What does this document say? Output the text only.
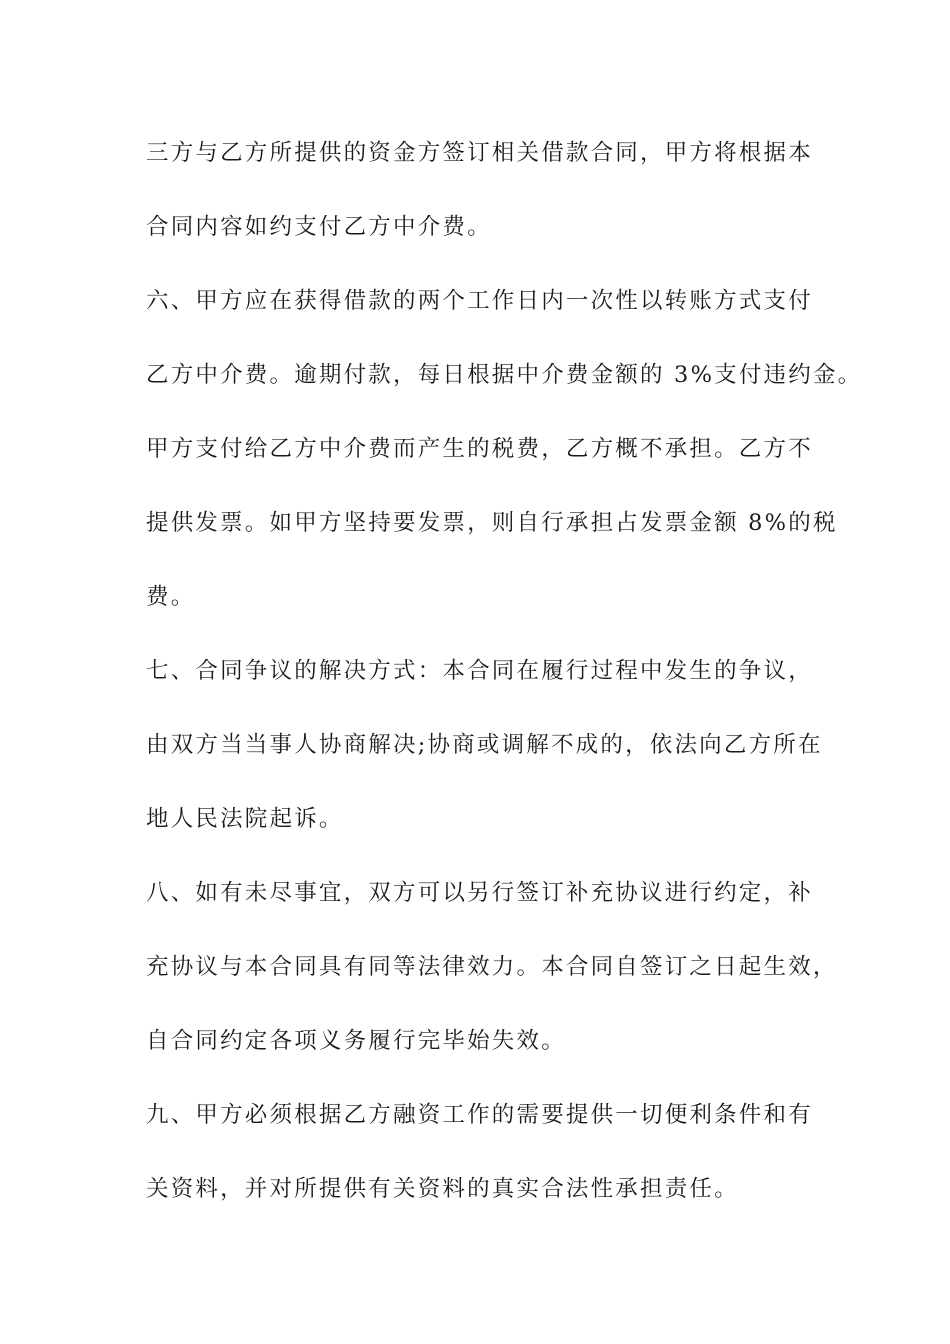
三方与乙方所提供的资金方签订相关借款合同，甲方将根据本
合同内容如约支付乙方中介费。
六、甲方应在获得借款的两个工作日内一次性以转账方式支付
乙方中介费。逾期付款，每日根据中介费金额的 3%支付违约金。
甲方支付给乙方中介费而产生的税费，乙方概不承担。乙方不
提供发票。如甲方坚持要发票，则自行承担占发票金额 8%的税
费。
七、合同争议的解决方式：本合同在履行过程中发生的争议，
由双方当当事人协商解决;协商或调解不成的，依法向乙方所在
地人民法院起诉。
八、如有未尽事宜，双方可以另行签订补充协议进行约定，补
充协议与本合同具有同等法律效力。本合同自签订之日起生效，
自合同约定各项义务履行完毕始失效。
九、甲方必须根据乙方融资工作的需要提供一切便利条件和有
关资料，并对所提供有关资料的真实合法性承担责任。
